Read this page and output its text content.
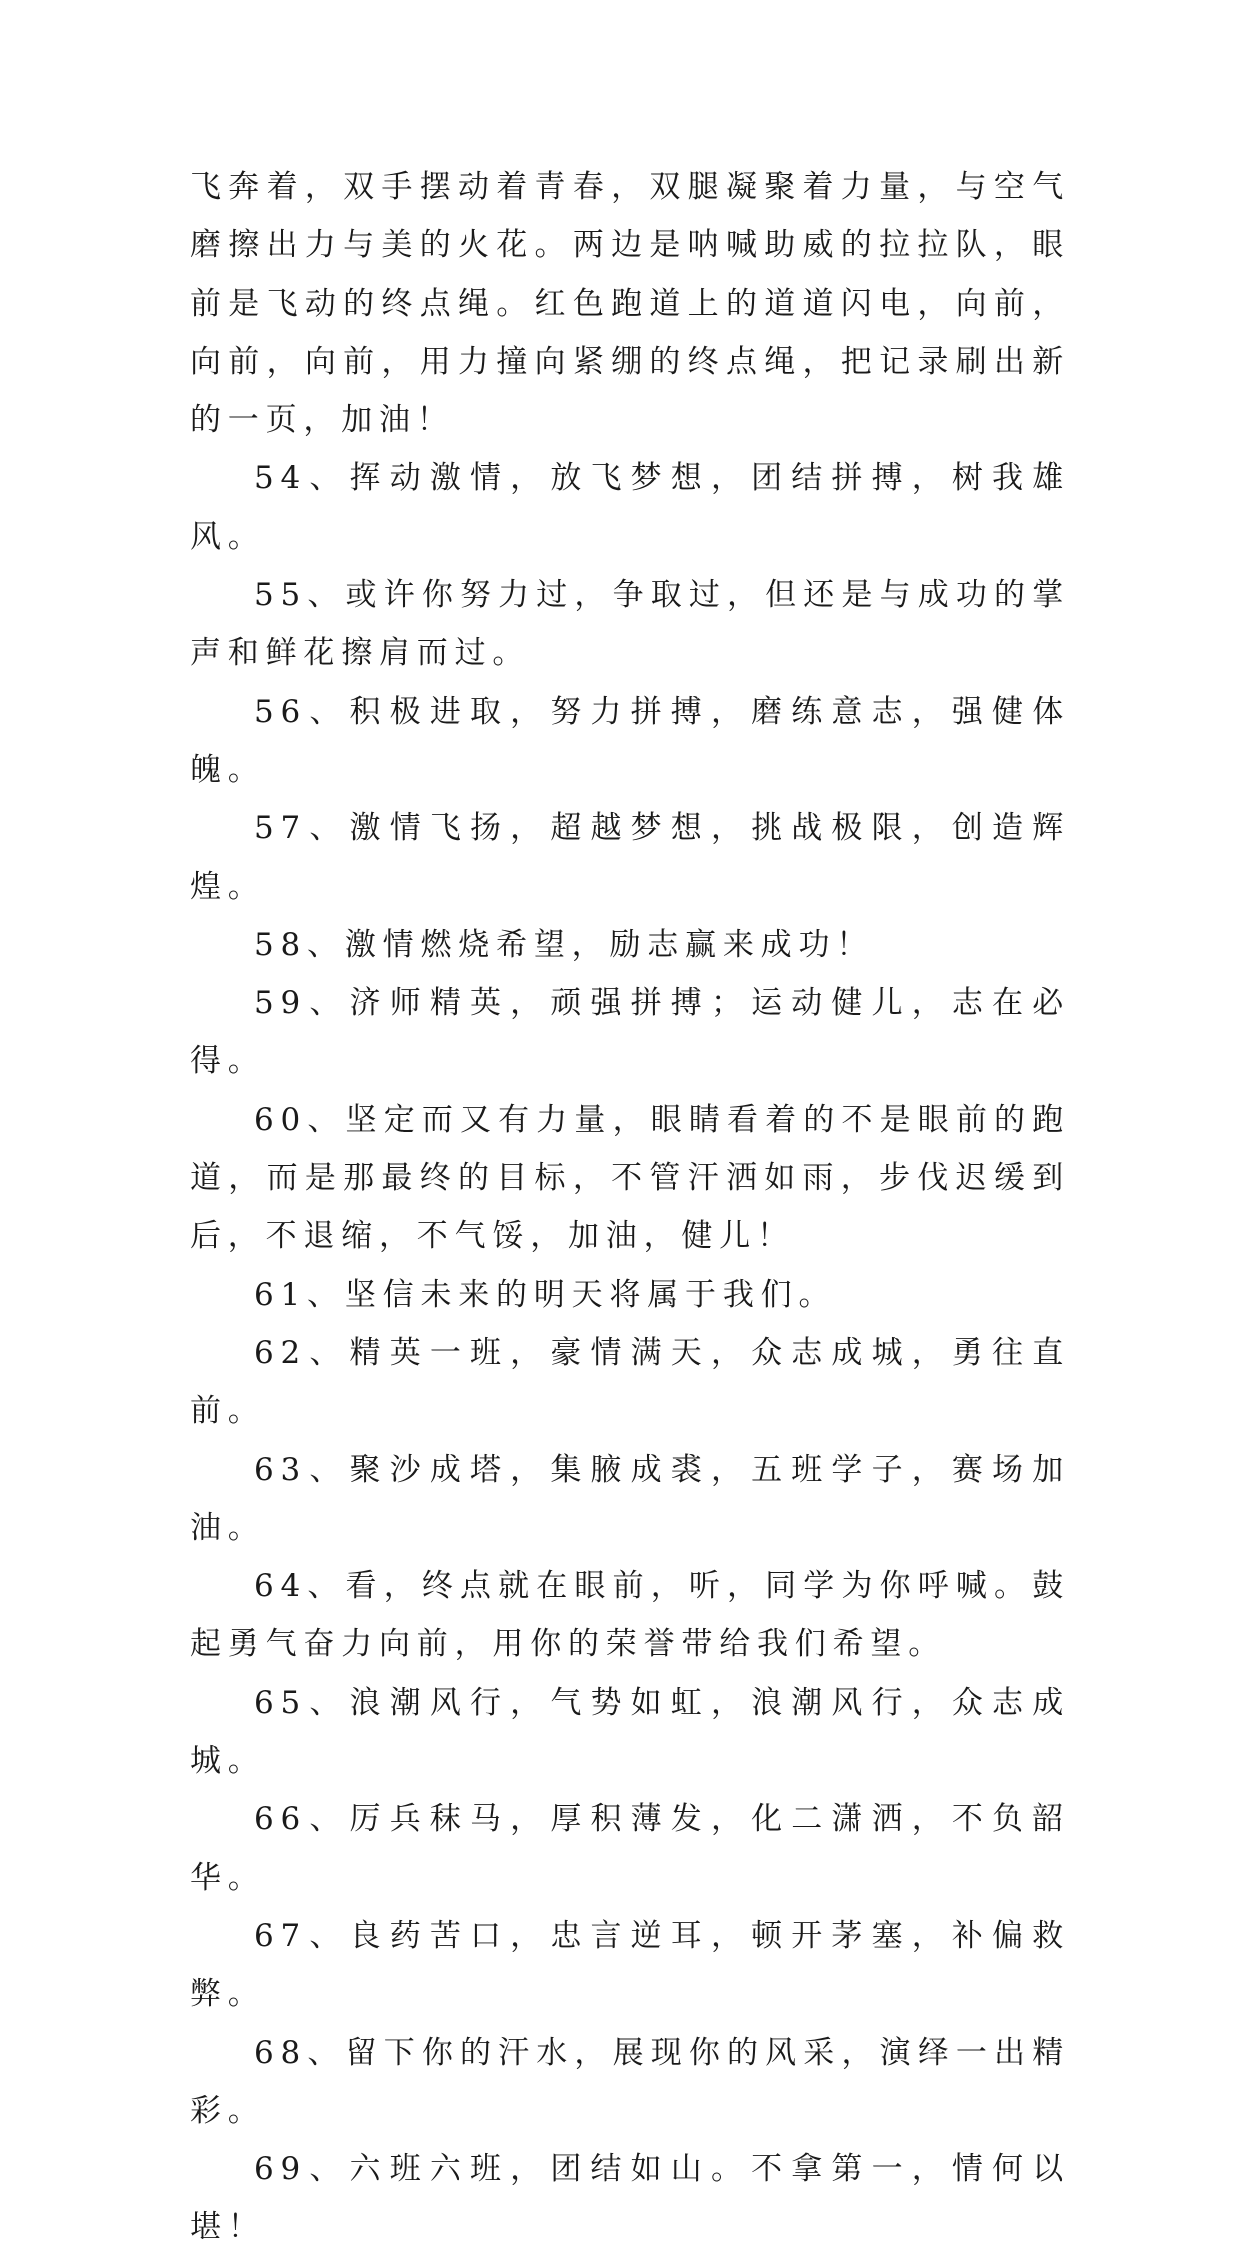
飞奔着，双手摆动着青春，双腿凝聚着力量，与空气磨擦出力与美的火花。两边是呐喊助威的拉拉队，眼前是飞动的终点绳。红色跑道上的道道闪电，向前，向前，向前，用力撞向紧绷的终点绳，把记录刷出新的一页，加油！

54、挥动激情，放飞梦想，团结拼搏，树我雄风。

55、或许你努力过，争取过，但还是与成功的掌声和鲜花擦肩而过。

56、积极进取，努力拼搏，磨练意志，强健体魄。

57、激情飞扬，超越梦想，挑战极限，创造辉煌。

58、激情燃烧希望，励志赢来成功！

59、济师精英，顽强拼搏；运动健儿，志在必得。

60、坚定而又有力量，眼睛看着的不是眼前的跑道，而是那最终的目标，不管汗洒如雨，步伐迟缓到后，不退缩，不气馁，加油，健儿！

61、坚信未来的明天将属于我们。

62、精英一班，豪情满天，众志成城，勇往直前。

63、聚沙成塔，集腋成裘，五班学子，赛场加油。

64、看，终点就在眼前，听，同学为你呼喊。鼓起勇气奋力向前，用你的荣誉带给我们希望。

65、浪潮风行，气势如虹，浪潮风行，众志成城。

66、厉兵秣马，厚积薄发，化二潇洒，不负韶华。

67、良药苦口，忠言逆耳，顿开茅塞，补偏救弊。

68、留下你的汗水，展现你的风采，演绎一出精彩。

69、六班六班，团结如山。不拿第一，情何以堪！
